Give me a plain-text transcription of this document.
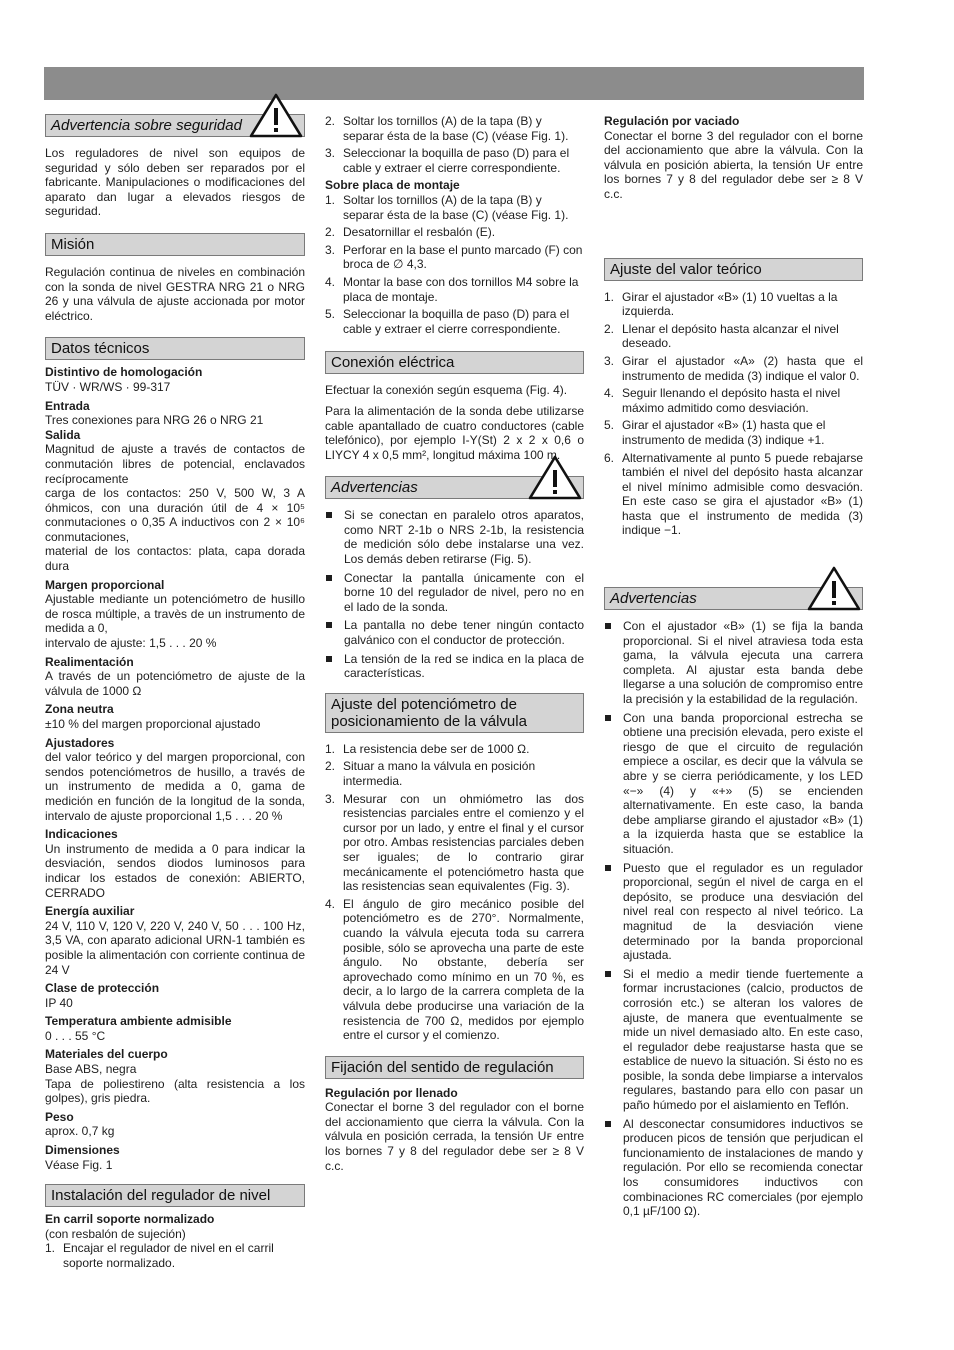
Advertencia sobre seguridad

Los reguladores de nivel son equipos de seguridad y sólo deben ser reparados por el fabricante. Manipulaciones o modificaciones del aparato dan lugar a elevados riesgos de seguridad.

Misión

Regulación continua de niveles en combinación con la sonda de nivel GESTRA NRG 21 o NRG 26 y una válvula de ajuste accionada por motor eléctrico.

Datos técnicos
Distintivo de homologación

TÜV · WR/WS · 99-317

Entrada

Tres conexiones para NRG 26 o NRG 21

Salida

Magnitud de ajuste a través de contactos de conmutación libres de potencial, enclavados recíprocamente

carga de los contactos: 250 V, 500 W, 3 A óhmicos, con una duración útil de 4 × 10⁵ conmutaciones o 0,35 A inductivos con 2 × 10⁶ conmutaciones,

material de los contactos: plata, capa dorada dura

Margen proporcional

Ajustable mediante un potenciómetro de husillo de rosca múltiple, a travès de un instrumento de medida a 0,

intervalo de ajuste: 1,5 . . . 20 %

Realimentación

A través de un potenciómetro de ajuste de la válvula de 1000 Ω

Zona neutra

±10 % del margen proporcional ajustado

Ajustadores

del valor teórico y del margen proporcional, con sendos potenciómetros de husillo, a través de un instrumento de medida a 0, gama de medición en función de la longitud de la sonda, intervalo de ajuste proporcional 1,5 . . . 20 %

Indicaciones

Un instrumento de medida a 0 para indicar la desviación, sendos diodos luminosos para indicar los estados de conexión: ABIERTO, CERRADO

Energía auxiliar

24 V, 110 V, 120 V, 220 V, 240 V, 50 . . . 100 Hz, 3,5 VA, con aparato adicional URN-1 también es posible la alimentación con corriente continua de 24 V

Clase de protección

IP 40

Temperatura ambiente admisible

0 . . . 55 °C

Materiales del cuerpo

Base ABS, negra

Tapa de poliestireno (alta resistencia a los golpes), gris piedra.

Peso

aprox. 0,7 kg

Dimensiones

Véase Fig. 1

Instalación del regulador de nivel
En carril soporte normalizado

(con resbalón de sujeción)

1. Encajar el regulador de nivel en el carril soporte normalizado.
2. Soltar los tornillos (A) de la tapa (B) y separar ésta de la base (C) (véase Fig. 1).
3. Seleccionar la boquilla de paso (D) para el cable y extraer el cierre correspondiente.
Sobre placa de montaje
1. Soltar los tornillos (A) de la tapa (B) y separar ésta de la base (C) (véase Fig. 1).
2. Desatornillar el resbalón (E).
3. Perforar en la base el punto marcado (F) con broca de ∅ 4,3.
4. Montar la base con dos tornillos M4 sobre la placa de montaje.
5. Seleccionar la boquilla de paso (D) para el cable y extraer el cierre correspondiente.
Conexión eléctrica

Efectuar la conexión según esquema (Fig. 4).

Para la alimentación de la sonda debe utilizarse cable apantallado de cuatro conductores (cable telefónico), por ejemplo I-Y(St) 2 x 2 x 0,6 o LIYCY 4 x 0,5 mm², longitud máxima 100 m.

Advertencias
Si se conectan en paralelo otros aparatos, como NRT 2-1b o NRS 2-1b, la resistencia de medición sólo debe instalarse una vez. Los demás deben retirarse (Fig. 5).
Conectar la pantalla únicamente con el borne 10 del regulador de nivel, pero no en el lado de la sonda.
La pantalla no debe tener ningún contacto galvánico con el conductor de protección.
La tensión de la red se indica en la placa de características.
Ajuste del potenciómetro de posicionamiento de la válvula
1. La resistencia debe ser de 1000 Ω.
2. Situar a mano la válvula en posición intermedia.
3. Mesurar con un ohmiómetro las dos resistencias parciales entre el comienzo y el cursor por un lado, y entre el final y el cursor por otro. Ambas resistencias parciales deben ser iguales; de lo contrario girar mecánicamente el potenciómetro hasta que las resistencias sean equivalentes (Fig. 3).
4. El ángulo de giro mecánico posible del potenciómetro es de 270°. Normalmente, cuando la válvula ejecuta toda su carrera posible, sólo se aprovecha una parte de este ángulo. No obstante, debería ser aprovechado como mínimo en un 70 %, es decir, a lo largo de la carrera completa de la válvula debe producirse una variación de la resistencia de 700 Ω, medidos por ejemplo entre el cursor y el comienzo.
Fijación del sentido de regulación
Regulación por llenado

Conectar el borne 3 del regulador con el borne del accionamiento que cierra la válvula. Con la válvula en posición cerrada, la tensión Uꜰ entre los bornes 7 y 8 del regulador debe ser ≥ 8 V c.c.

Regulación por vaciado

Conectar el borne 3 del regulador con el borne del accionamiento que abre la válvula. Con la válvula en posición abierta, la tensión Uꜰ entre los bornes 7 y 8 del regulador debe ser ≥ 8 V c.c.

Ajuste del valor teórico
1. Girar el ajustador «B» (1) 10 vueltas a la izquierda.
2. Llenar el depósito hasta alcanzar el nivel deseado.
3. Girar el ajustador «A» (2) hasta que el instrumento de medida (3) indique el valor 0.
4. Seguir llenando el depósito hasta el nivel máximo admitido como desviación.
5. Girar el ajustador «B» (1) hasta que el instrumento de medida (3) indique +1.
6. Alternativamente al punto 5 puede rebajarse también el nivel del depósito hasta alcanzar el nivel mínimo admisible como desvación. En este caso se gira el ajustador «B» (1) hasta que el instrumento de medida (3) indique −1.
Advertencias
Con el ajustador «B» (1) se fija la banda proporcional. Si el nivel atraviesa toda esta gama, la válvula ejecuta una carrera completa. Al ajustar esta banda debe llegarse a una solución de compromiso entre la precisión y la estabilidad de la regulación.
Con una banda proporcional estrecha se obtiene una precisión elevada, pero existe el riesgo de que el circuito de regulación empiece a oscilar, es decir que la válvula se abre y se cierra periódicamente, y los LED «−» (4) y «+» (5) se encienden alternativamente. En este caso, la banda debe ampliarse girando el ajustador «B» (1) a la izquierda hasta que se establice la situación.
Puesto que el regulador es un regulador proporcional, según el nivel de carga en el depósito, se produce una desviación del nivel real con respecto al nivel teórico. La magnitud de la desviación viene determinado por la banda proporcional ajustada.
Si el medio a medir tiende fuertemente a formar incrustaciones (calcio, productos de corrosión etc.) se alteran los valores de ajuste, de manera que eventualmente se mide un nivel demasiado alto. En este caso, el regulador debe reajustarse hasta que se establice de nuevo la situación. Si ésto no es posible, la sonda debe limpiarse a intervalos regulares, bastando para ello con pasar un paño húmedo por el aislamiento en Teflón.
Al desconectar consumidores inductivos se producen picos de tensión que perjudican el funcionamiento de instalaciones de mando y regulación. Por ello se recomienda conectar los consumidores inductivos con combinaciones RC comerciales (por ejemplo 0,1 µF/100 Ω).
